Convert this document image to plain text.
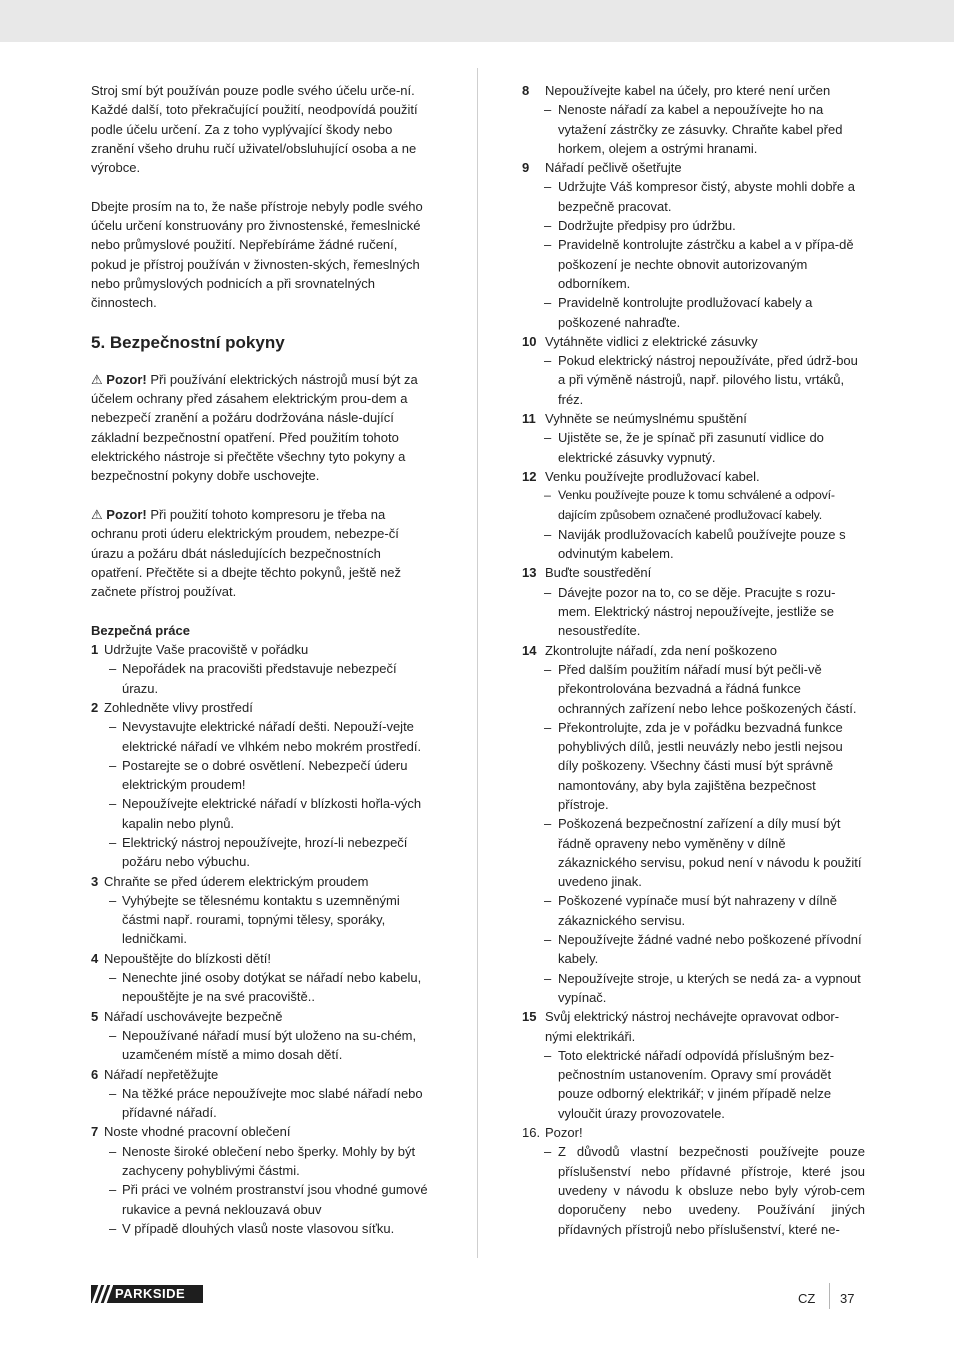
Stroj smí být používán pouze podle svého účelu urče-ní. Každé další, toto překračující použití, neodpovídá použití podle účelu určení. Za z toho vyplývající škody nebo zranění všeho druhu ručí uživatel/obsluhující osoba a ne výrobce.

Dbejte prosím na to, že naše přístroje nebyly podle svého účelu určení konstruovány pro živnostenské, řemeslnické nebo průmyslové použití. Nepřebíráme žádné ručení, pokud je přístroj používán v živnosten-ských, řemeslných nebo průmyslových podnicích a při srovnatelných činnostech.

5. Bezpečnostní pokyny

⚠ Pozor! Při používání elektrických nástrojů musí být za účelem ochrany před zásahem elektrickým prou-dem a nebezpečí zranění a požáru dodržována násle-dující základní bezpečnostní opatření. Před použitím tohoto elektrického nástroje si přečtěte všechny tyto pokyny a bezpečnostní pokyny dobře uschovejte.

⚠ Pozor! Při použití tohoto kompresoru je třeba na ochranu proti úderu elektrickým proudem, nebezpe-čí úrazu a požáru dbát následujících bezpečnostních opatření. Přečtěte si a dbejte těchto pokynů, ještě než začnete přístroj používat.

Bezpečná práce

1 Udržujte Vaše pracoviště v pořádku
– Nepořádek na pracovišti představuje nebezpečí úrazu.
2 Zohledněte vlivy prostředí
– Nevystavujte elektrické nářadí dešti. Nepouží-vejte elektrické nářadí ve vlhkém nebo mokrém prostředí.
– Postarejte se o dobré osvětlení. Nebezpečí úderu elektrickým proudem!
– Nepoužívejte elektrické nářadí v blízkosti hořla-vých kapalin nebo plynů.
– Elektrický nástroj nepoužívejte, hrozí-li nebezpečí požáru nebo výbuchu.
3 Chraňte se před úderem elektrickým proudem
– Vyhýbejte se tělesnému kontaktu s uzemněnými částmi např. rourami, topnými tělesy, sporáky, ledničkami.
4 Nepouštějte do blízkosti dětí!
– Nenechte jiné osoby dotýkat se nářadí nebo kabelu, nepouštějte je na své pracoviště..
5 Nářadí uschovávejte bezpečně
– Nepoužívané nářadí musí být uloženo na su-chém, uzamčeném místě a mimo dosah dětí.
6 Nářadí nepřetěžujte
– Na těžké práce nepoužívejte moc slabé nářadí nebo přídavné nářadí.
7 Noste vhodné pracovní oblečení
– Nenoste široké oblečení nebo šperky. Mohly by být zachyceny pohyblivými částmi.
– Při práci ve volném prostranství jsou vhodné gumové rukavice a pevná neklouzavá obuv
– V případě dlouhých vlasů noste vlasovou síťku.
8	Nepoužívejte kabel na účely, pro které není určen
– Nenoste nářadí za kabel a nepoužívejte ho na vytažení zástrčky ze zásuvky. Chraňte kabel před horkem, olejem a ostrými hranami.
9	Nářadí pečlivě ošetřujte
– Udržujte Váš kompresor čistý, abyste mohli dobře a bezpečně pracovat.
– Dodržujte předpisy pro údržbu.
– Pravidelně kontrolujte zástrčku a kabel a v přípa-dě poškození je nechte obnovit autorizovaným odborníkem.
– Pravidelně kontrolujte prodlužovací kabely a poškozené nahraďte.
10 Vytáhněte vidlici z elektrické zásuvky
– Pokud elektrický nástroj nepoužíváte, před údrž-bou a při výměně nástrojů, např. pilového listu, vrtáků, fréz.
11 Vyhněte se neúmyslnému spuštění
– Ujistěte se, že je spínač při zasunutí vidlice do elektrické zásuvky vypnutý.
12 Venku používejte prodlužovací kabel.
– Venku používejte pouze k tomu schválené a odpoví-dajícím způsobem označené prodlužovací kabely.
– Naviják prodlužovacích kabelů používejte pouze s odvinutým kabelem.
13 Buďte soustředění
– Dávejte pozor na to, co se děje. Pracujte s rozu-mem. Elektrický nástroj nepoužívejte, jestliže se nesoustředíte.
14 Zkontrolujte nářadí, zda není poškozeno
– Před dalším použitím nářadí musí být pečli-vě překontrolována bezvadná a řádná funkce ochranných zařízení nebo lehce poškozených částí.
– Překontrolujte, zda je v pořádku bezvadná funkce pohyblivých dílů, jestli neuvázly nebo jestli nejsou díly poškozeny. Všechny části musí být správně namontovány, aby byla zajištěna bezpečnost přístroje.
– Poškozená bezpečnostní zařízení a díly musí být řádně opraveny nebo vyměněny v dílně zákaznického servisu, pokud není v návodu k použití uvedeno jinak.
– Poškozené vypínače musí být nahrazeny v dílně zákaznického servisu.
– Nepoužívejte žádné vadné nebo poškozené přívodní kabely.
– Nepoužívejte stroje, u kterých se nedá za- a vypnout vypínač.
15 Svůj elektrický nástroj nechávejte opravovat odbor-nými elektrikáři.
– Toto elektrické nářadí odpovídá příslušným bez-pečnostním ustanovením. Opravy smí provádět pouze odborný elektrikář; v jiném případě nelze vyloučit úrazy provozovatele.
16. Pozor!
– Z důvodů vlastní bezpečnosti používejte pouze příslušenství nebo přídavné přístroje, které jsou uvedeny v návodu k obsluze nebo byly výrob-cem doporučeny nebo uvedeny. Používání jiných přídavných přístrojů nebo příslušenství, které ne-
PARKSIDE	CZ 37
